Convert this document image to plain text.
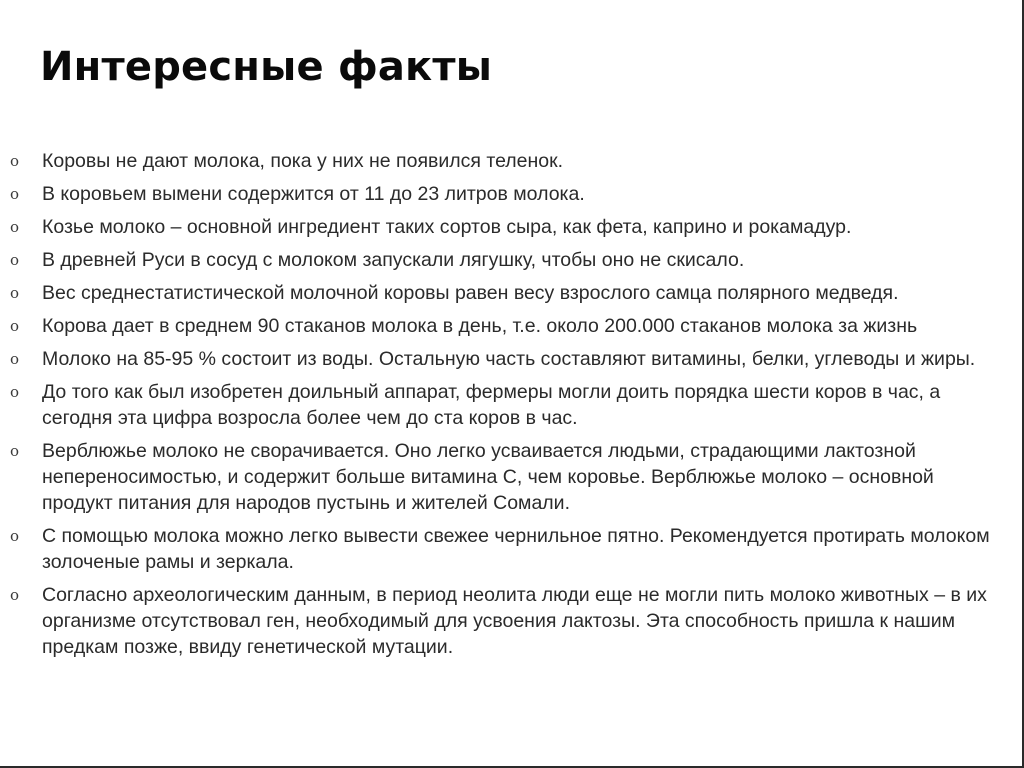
Интересные факты
o	Коровы не дают молока, пока у них не появился теленок.
o	В коровьем вымени содержится от 11 до 23 литров молока.
o	Козье молоко – основной ингредиент таких сортов сыра, как фета, каприно и рокамадур.
o	В древней Руси в сосуд с молоком запускали лягушку, чтобы оно не скисало.
o	Вес среднестатистической молочной коровы равен весу взрослого самца полярного медведя.
o	Корова дает в среднем 90 стаканов молока в день, т.е. около 200.000 стаканов молока за жизнь
o	Молоко на 85-95 % состоит из воды. Остальную часть составляют витамины, белки, углеводы и жиры.
o	До того как был изобретен доильный аппарат, фермеры могли доить порядка шести коров в час, а сегодня эта цифра возросла более чем до ста коров в час.
o	Верблюжье молоко не сворачивается. Оно легко усваивается людьми, страдающими лактозной непереносимостью, и содержит больше витамина С, чем коровье. Верблюжье молоко – основной продукт питания для народов пустынь и жителей Сомали.
o	С помощью молока можно легко вывести свежее чернильное пятно. Рекомендуется протирать молоком золоченые рамы и зеркала.
o	Согласно археологическим данным, в период неолита люди еще не могли пить молоко животных – в их организме отсутствовал ген, необходимый для усвоения лактозы. Эта способность пришла к нашим предкам позже, ввиду генетической мутации.
